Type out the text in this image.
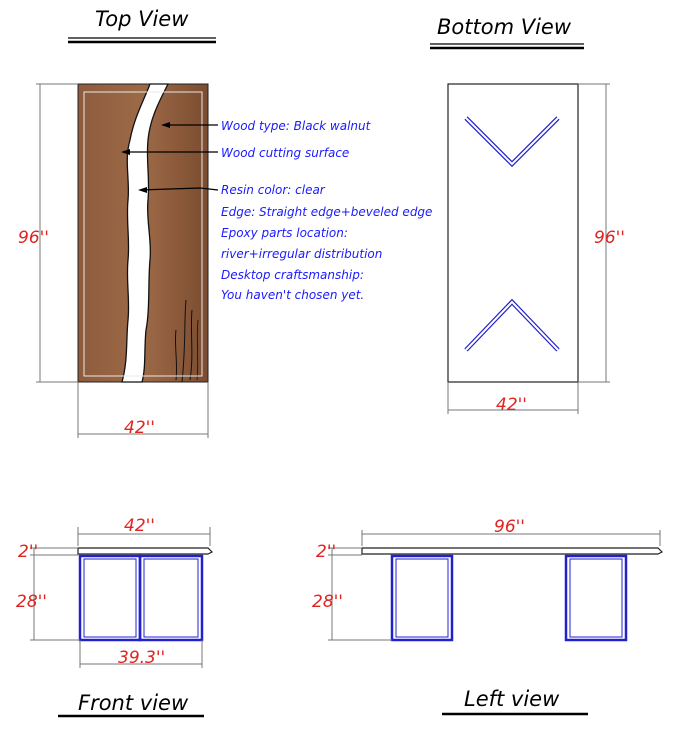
Top View
96''
42''
Wood type: Black walnut
Wood cutting surface
Resin color: clear
Edge: Straight edge+beveled edge
Epoxy parts location:
river+irregular distribution
Desktop craftsmanship:
You haven't chosen yet.
Bottom View
96''
42''
42''
2''
28''
39.3''
Front view
96''
2''
28''
Left view
